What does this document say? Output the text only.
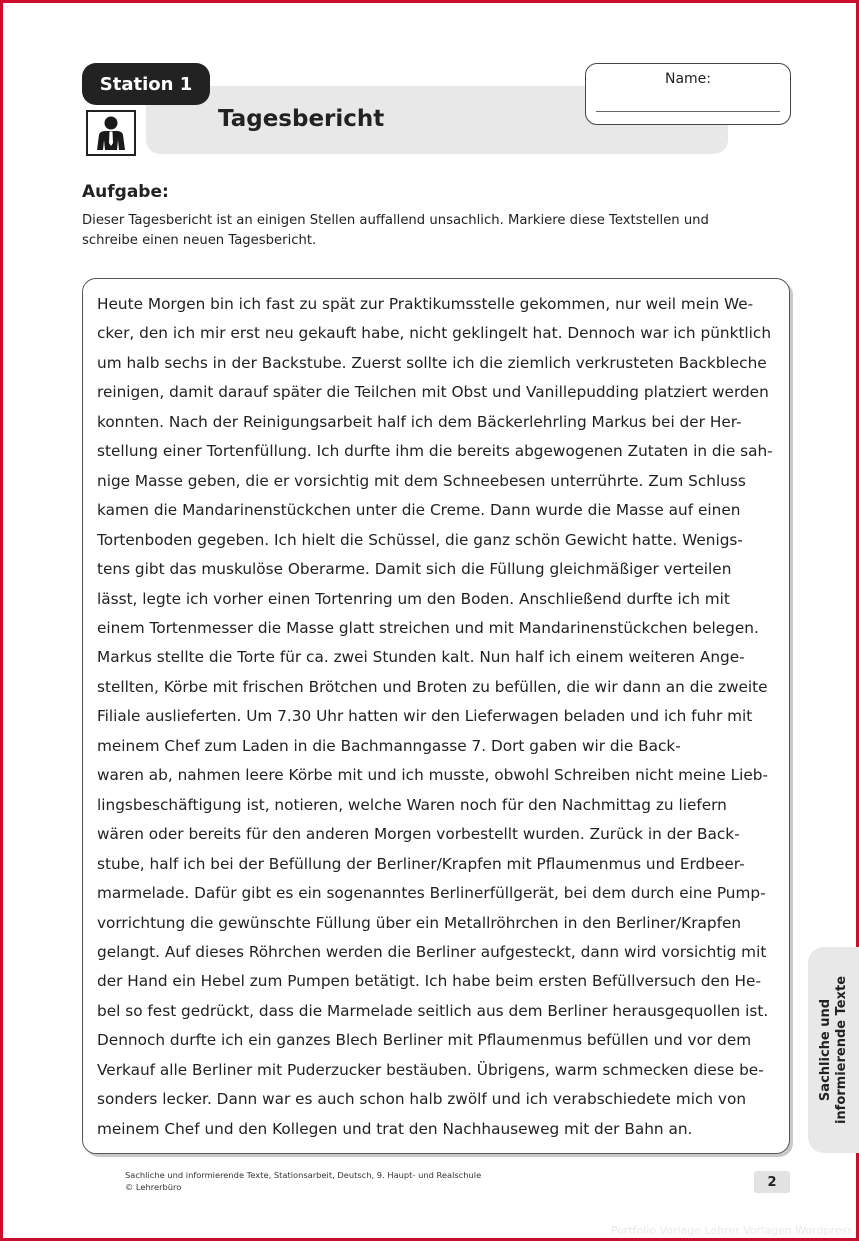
Station 1
Tagesbericht
Name:
Aufgabe:
Dieser Tagesbericht ist an einigen Stellen auffallend unsachlich. Markiere diese Textstellen und
schreibe einen neuen Tagesbericht.
Heute Morgen bin ich fast zu spät zur Praktikumsstelle gekommen, nur weil mein We-
cker, den ich mir erst neu gekauft habe, nicht geklingelt hat. Dennoch war ich pünktlich
um halb sechs in der Backstube. Zuerst sollte ich die ziemlich verkrusteten Backbleche
reinigen, damit darauf später die Teilchen mit Obst und Vanillepudding platziert werden
konnten. Nach der Reinigungsarbeit half ich dem Bäckerlehrling Markus bei der Her-
stellung einer Tortenfüllung. Ich durfte ihm die bereits abgewogenen Zutaten in die sah-
nige Masse geben, die er vorsichtig mit dem Schneebesen unterrührte. Zum Schluss
kamen die Mandarinenstückchen unter die Creme. Dann wurde die Masse auf einen
Tortenboden gegeben. Ich hielt die Schüssel, die ganz schön Gewicht hatte. Wenigs-
tens gibt das muskulöse Oberarme. Damit sich die Füllung gleichmäßiger verteilen
lässt, legte ich vorher einen Tortenring um den Boden. Anschließend durfte ich mit
einem Tortenmesser die Masse glatt streichen und mit Mandarinenstückchen belegen.
Markus stellte die Torte für ca. zwei Stunden kalt. Nun half ich einem weiteren Ange-
stellten, Körbe mit frischen Brötchen und Broten zu befüllen, die wir dann an die zweite
Filiale auslieferten. Um 7.30 Uhr hatten wir den Lieferwagen beladen und ich fuhr mit
meinem Chef zum Laden in die Bachmanngasse 7. Dort gaben wir die Back-
waren ab, nahmen leere Körbe mit und ich musste, obwohl Schreiben nicht meine Lieb-
lingsbeschäftigung ist, notieren, welche Waren noch für den Nachmittag zu liefern
wären oder bereits für den anderen Morgen vorbestellt wurden. Zurück in der Back-
stube, half ich bei der Befüllung der Berliner/Krapfen mit Pflaumenmus und Erdbeer-
marmelade. Dafür gibt es ein sogenanntes Berlinerfüllgerät, bei dem durch eine Pump-
vorrichtung die gewünschte Füllung über ein Metallröhrchen in den Berliner/Krapfen
gelangt. Auf dieses Röhrchen werden die Berliner aufgesteckt, dann wird vorsichtig mit
der Hand ein Hebel zum Pumpen betätigt. Ich habe beim ersten Befüllversuch den He-
bel so fest gedrückt, dass die Marmelade seitlich aus dem Berliner herausgequollen ist.
Dennoch durfte ich ein ganzes Blech Berliner mit Pflaumenmus befüllen und vor dem
Verkauf alle Berliner mit Puderzucker bestäuben. Übrigens, warm schmecken diese be-
sonders lecker. Dann war es auch schon halb zwölf und ich verabschiedete mich von
meinem Chef und den Kollegen und trat den Nachhauseweg mit der Bahn an.
Sachliche und
informierende Texte
Sachliche und informierende Texte, Stationsarbeit, Deutsch, 9. Haupt- und Realschule
© Lehrerbüro	2
Portfolio Vorlage Lehrer Vorlagen Wordpress
